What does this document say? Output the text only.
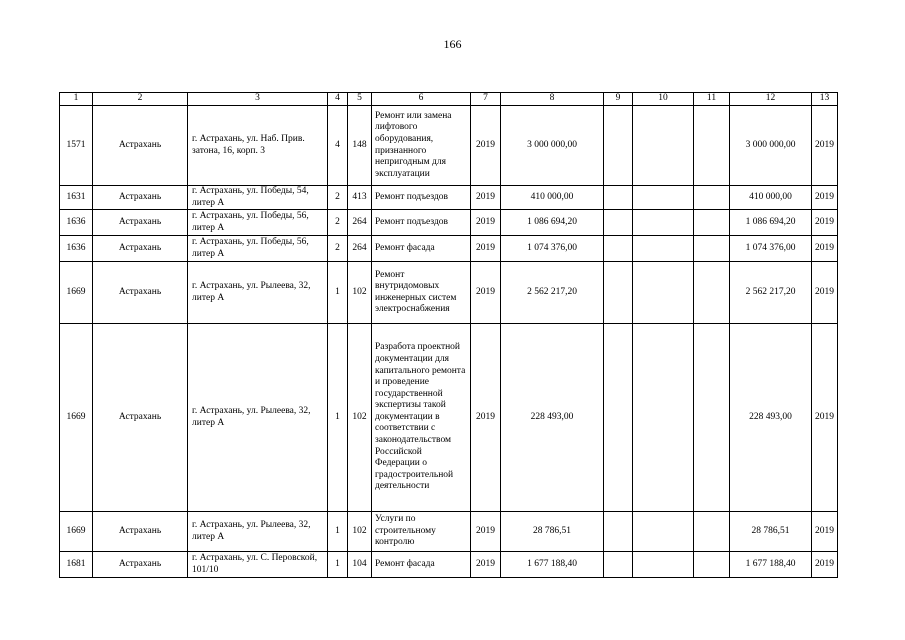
166
1	2	3	4	5	6	7	8	9	10	11	12	13
1571	Астрахань	г. Астрахань, ул. Наб. Прив. затона, 16, корп. 3	4	148	Ремонт или замена лифтового оборудования, признанного непригодным для эксплуатации	2019	3 000 000,00				3 000 000,00	2019
1631	Астрахань	г. Астрахань, ул. Победы, 54, литер А	2	413	Ремонт подъездов	2019	410 000,00				410 000,00	2019
1636	Астрахань	г. Астрахань, ул. Победы, 56, литер А	2	264	Ремонт подъездов	2019	1 086 694,20				1 086 694,20	2019
1636	Астрахань	г. Астрахань, ул. Победы, 56, литер А	2	264	Ремонт фасада	2019	1 074 376,00				1 074 376,00	2019
1669	Астрахань	г. Астрахань, ул. Рылеева, 32, литер А	1	102	Ремонт внутридомовых инженерных систем электроснабжения	2019	2 562 217,20				2 562 217,20	2019
1669	Астрахань	г. Астрахань, ул. Рылеева, 32, литер А	1	102	Разработа проектной документации для капитального ремонта и проведение государственной экспертизы такой документации в соответствии с законодательством Российской Федерации о градостроительной деятельности	2019	228 493,00				228 493,00	2019
1669	Астрахань	г. Астрахань, ул. Рылеева, 32, литер А	1	102	Услуги по строительному контролю	2019	28 786,51				28 786,51	2019
1681	Астрахань	г. Астрахань, ул. С. Перовской, 101/10	1	104	Ремонт фасада	2019	1 677 188,40				1 677 188,40	2019
